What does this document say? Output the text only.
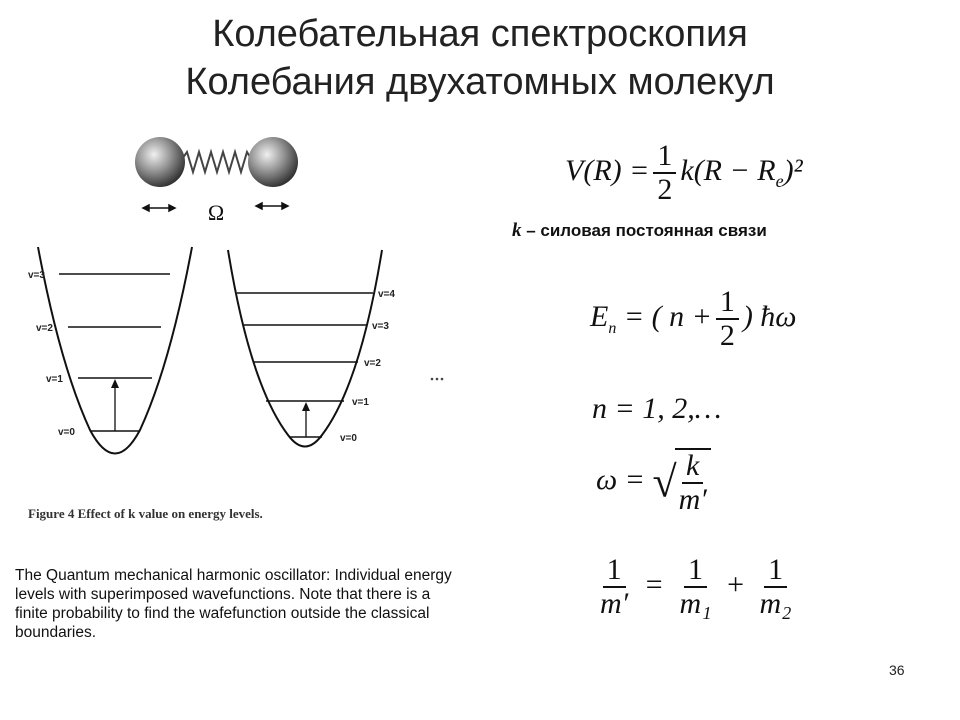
Колебательная спектроскопия
Колебания двухатомных молекул
Ω
v=3
v=2
v=1
v=0
v=4
v=3
v=2
v=1
v=0
Figure 4 Effect of k value on energy levels.
The Quantum mechanical harmonic oscillator: Individual energy levels with superimposed wavefunctions. Note that there is a finite probability to find the wafefunction outside the classical boundaries.
$V(R) = \frac{1}{2} k(R - R_e)^2$
k – силовая постоянная связи
$E_n$ = ( $n + \frac{1}{2}$ ) ħω
n = 1, 2,…
ω = √
$\frac{k}{m'}$
$\frac{1}{m'} = \frac{1}{\text{m₁}} + \frac{1}{\text{m₂}}$
36
